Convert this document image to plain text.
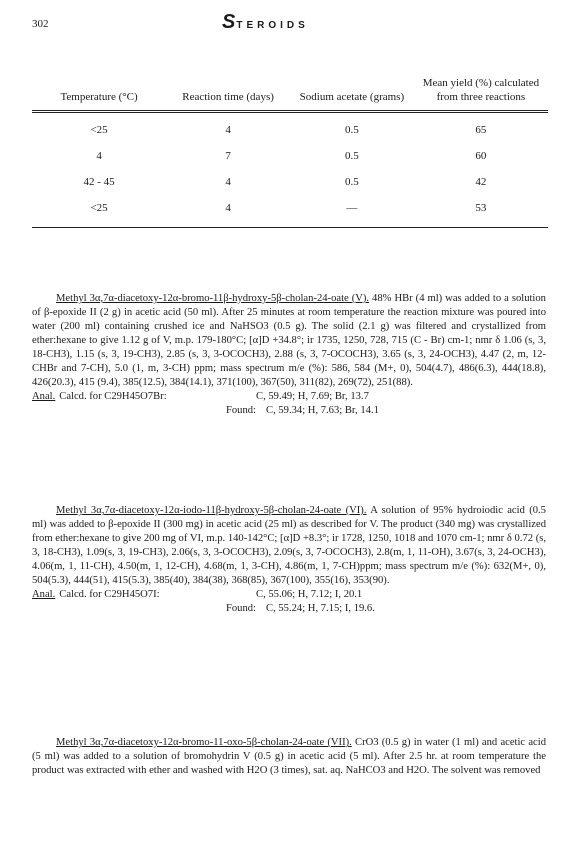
302	STEROIDS
Temperature (°C)	Reaction time (days)	Sodium acetate (grams)	Mean yield (%) calculated from three reactions

<25	4	0.5	65
4	7	0.5	60
42 - 45	4	0.5	42
<25	4	—	53

Methyl 3α,7α-diacetoxy-12α-bromo-11β-hydroxy-5β-cholan-24-oate (V). 48% HBr (4 ml) was added to a solution of β-epoxide II (2 g) in acetic acid (50 ml). After 25 minutes at room temperature the reaction mixture was poured into water (200 ml) containing crushed ice and NaHSO3 (0.5 g). The solid (2.1 g) was filtered and crystallized from ether:hexane to give 1.12 g of V, m.p. 179-180°C; [α]D +34.8°; ir 1735, 1250, 728, 715 (C - Br) cm-1; nmr δ 1.06 (s, 3, 18-CH3), 1.15 (s, 3, 19-CH3), 2.85 (s, 3, 3-OCOCH3), 2.88 (s, 3, 7-OCOCH3), 3.65 (s, 3, 24-OCH3), 4.47 (2, m, 12-CHBr and 7-CH), 5.0 (1, m, 3-CH) ppm; mass spectrum m/e (%): 586, 584 (M+, 0), 504(4.7), 486(6.3), 444(18.8), 426(20.3), 415 (9.4), 385(12.5), 384(14.1), 371(100), 367(50), 311(82), 269(72), 251(88).

Anal. Calcd. for C29H45O7Br:	C, 59.49; H, 7.69; Br, 13.7
Found: C, 59.34; H, 7.63; Br, 14.1

Methyl 3α,7α-diacetoxy-12α-iodo-11β-hydroxy-5β-cholan-24-oate (VI). A solution of 95% hydroiodic acid (0.5 ml) was added to β-epoxide II (300 mg) in acetic acid (25 ml) as described for V. The product (340 mg) was crystallized from ether:hexane to give 200 mg of VI, m.p. 140-142°C; [α]D +8.3°; ir 1728, 1250, 1018 and 1070 cm-1; nmr δ 0.72 (s, 3, 18-CH3), 1.09(s, 3, 19-CH3), 2.06(s, 3, 3-OCOCH3), 2.09(s, 3, 7-OCOCH3), 2.8(m, 1, 11-OH), 3.67(s, 3, 24-OCH3), 4.06(m, 1, 11-CH), 4.50(m, 1, 12-CH), 4.68(m, 1, 3-CH), 4.86(m, 1, 7-CH)ppm; mass spectrum m/e (%): 632(M+, 0), 504(5.3), 444(51), 415(5.3), 385(40), 384(38), 368(85), 367(100), 355(16), 353(90).

Anal. Calcd. for C29H45O7I:	C, 55.06; H, 7.12; I, 20.1
Found: C, 55.24; H, 7.15; I, 19.6.

Methyl 3α,7α-diacetoxy-12α-bromo-11-oxo-5β-cholan-24-oate (VII). CrO3 (0.5 g) in water (1 ml) and acetic acid (5 ml) was added to a solution of bromohydrin V (0.5 g) in acetic acid (5 ml). After 2.5 hr. at room temperature the product was extracted with ether and washed with H2O (3 times), sat. aq. NaHCO3 and H2O. The solvent was removed
